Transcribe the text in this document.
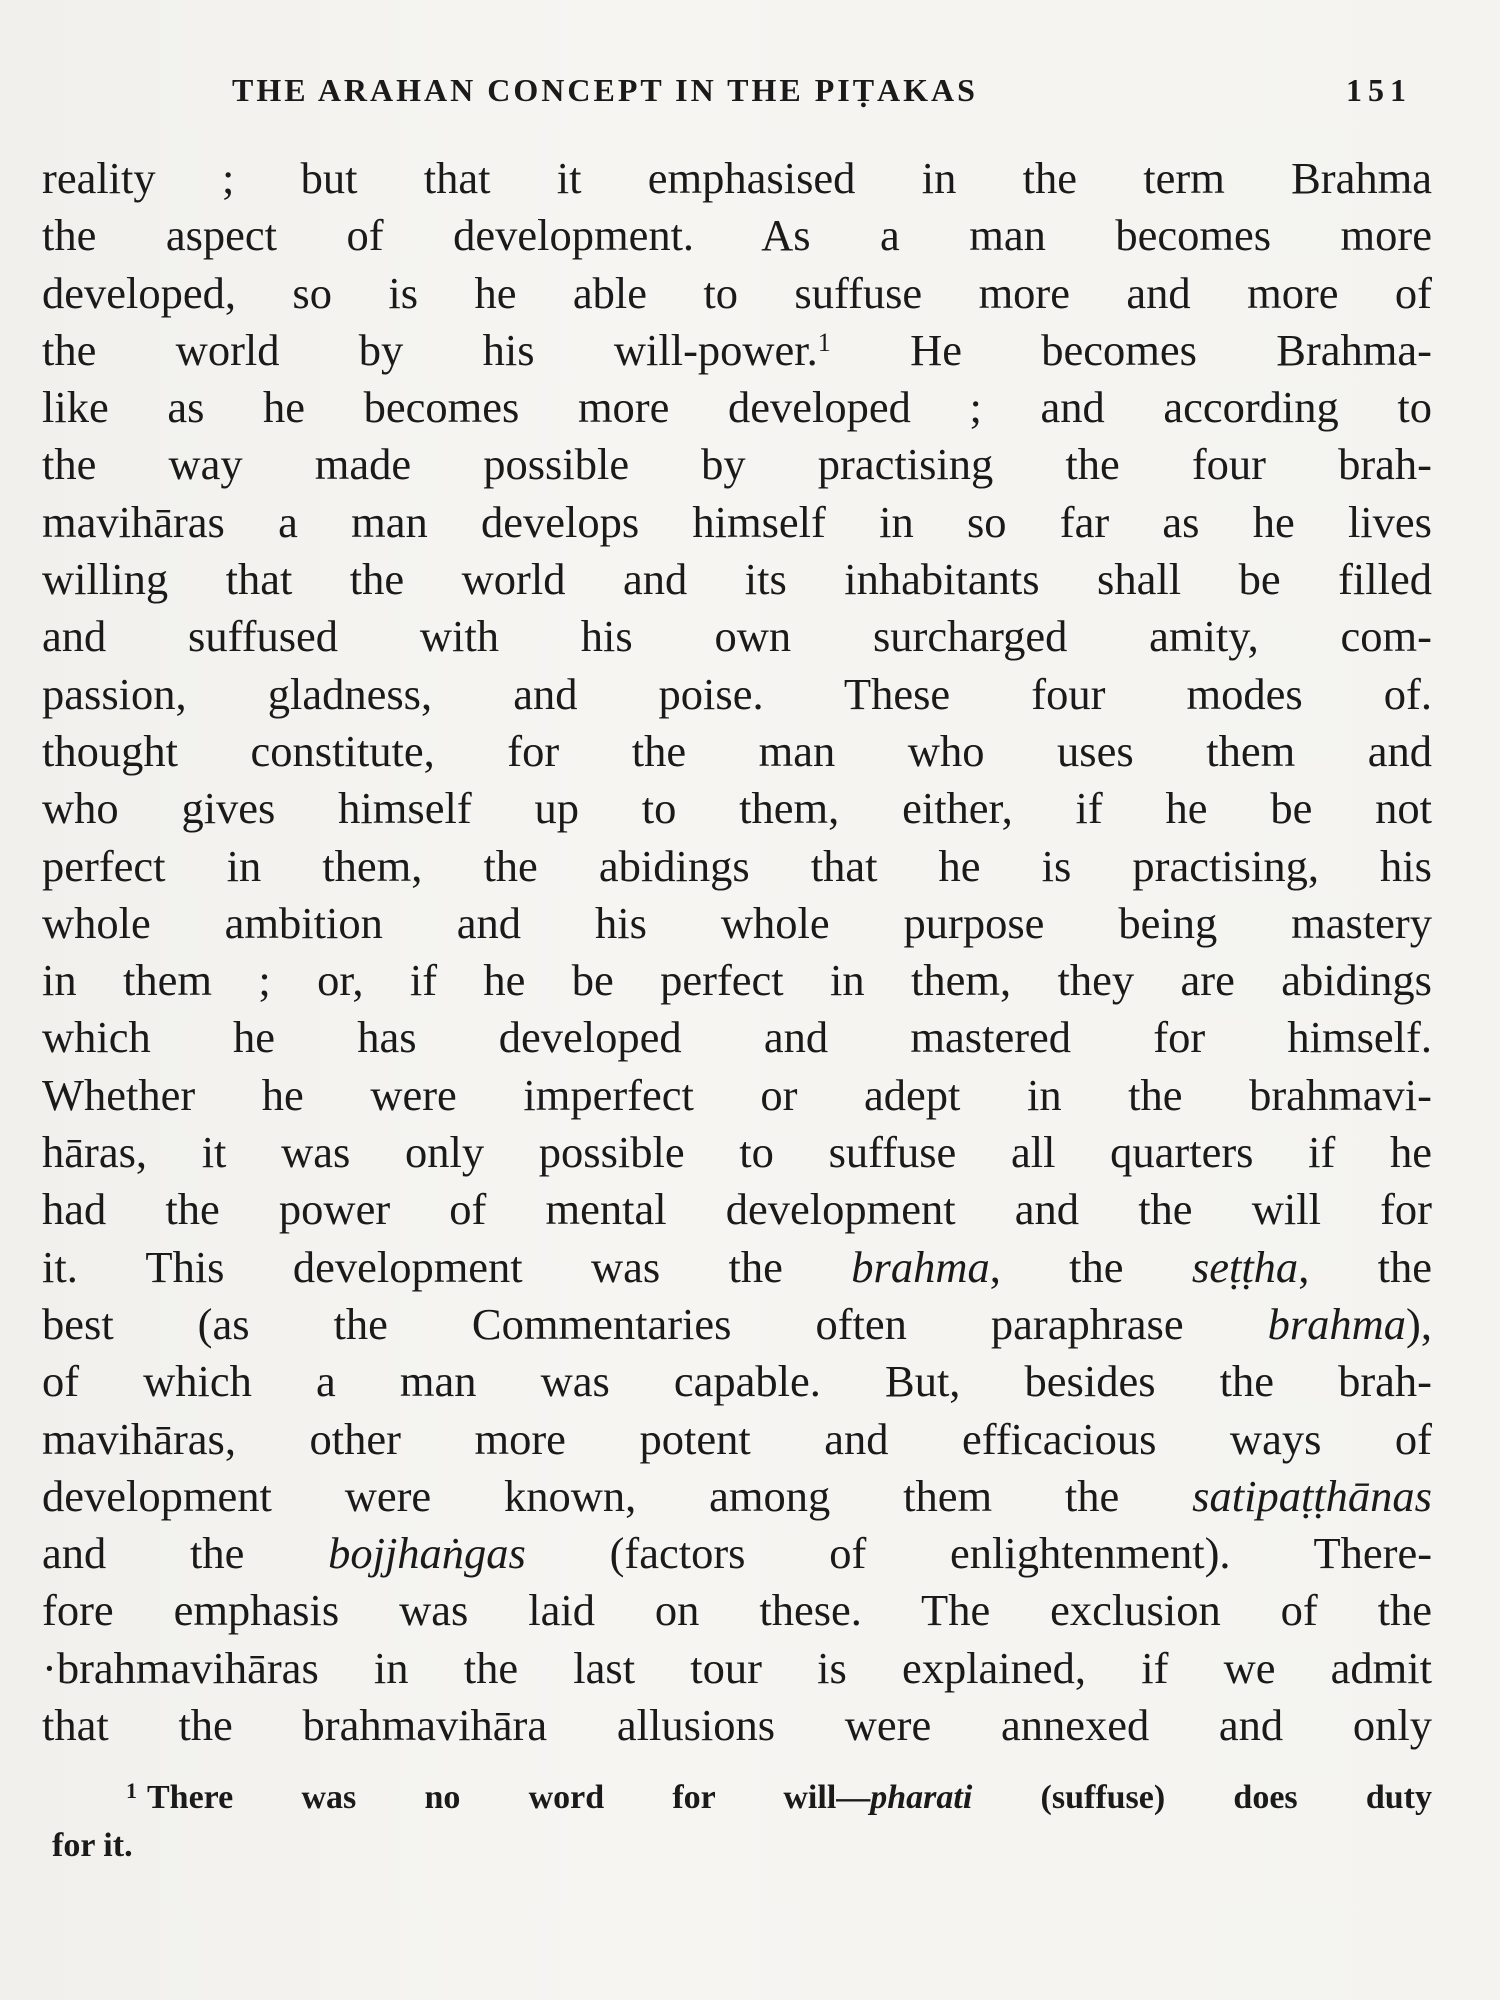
THE ARAHAN CONCEPT IN THE PIṬAKAS	151
reality ; but that it emphasised in the term Brahma
the aspect of development. As a man becomes more
developed, so is he able to suffuse more and more of
the world by his will-power.$^1$ He becomes Brahma-
like as he becomes more developed ; and according to
the way made possible by practising the four brah-
mavihāras a man develops himself in so far as he lives
willing that the world and its inhabitants shall be filled
and suffused with his own surcharged amity, com-
passion, gladness, and poise. These four modes of.
thought constitute, for the man who uses them and
who gives himself up to them, either, if he be not
perfect in them, the abidings that he is practising, his
whole ambition and his whole purpose being mastery
in them ; or, if he be perfect in them, they are abidings
which he has developed and mastered for himself.
Whether he were imperfect or adept in the brahmavi-
hāras, it was only possible to suffuse all quarters if he
had the power of mental development and the will for
it. This development was the brahma, the seṭṭha, the
best (as the Commentaries often paraphrase brahma),
of which a man was capable. But, besides the brah-
mavihāras, other more potent and efficacious ways of
development were known, among them the satipaṭṭhānas
and the bojjhaṅgas (factors of enlightenment). There-
fore emphasis was laid on these. The exclusion of the
·brahmavihāras in the last tour is explained, if we admit
that the brahmavihāra allusions were annexed and only
$^1$ There was no word for will—pharati (suffuse) does duty
for it.
